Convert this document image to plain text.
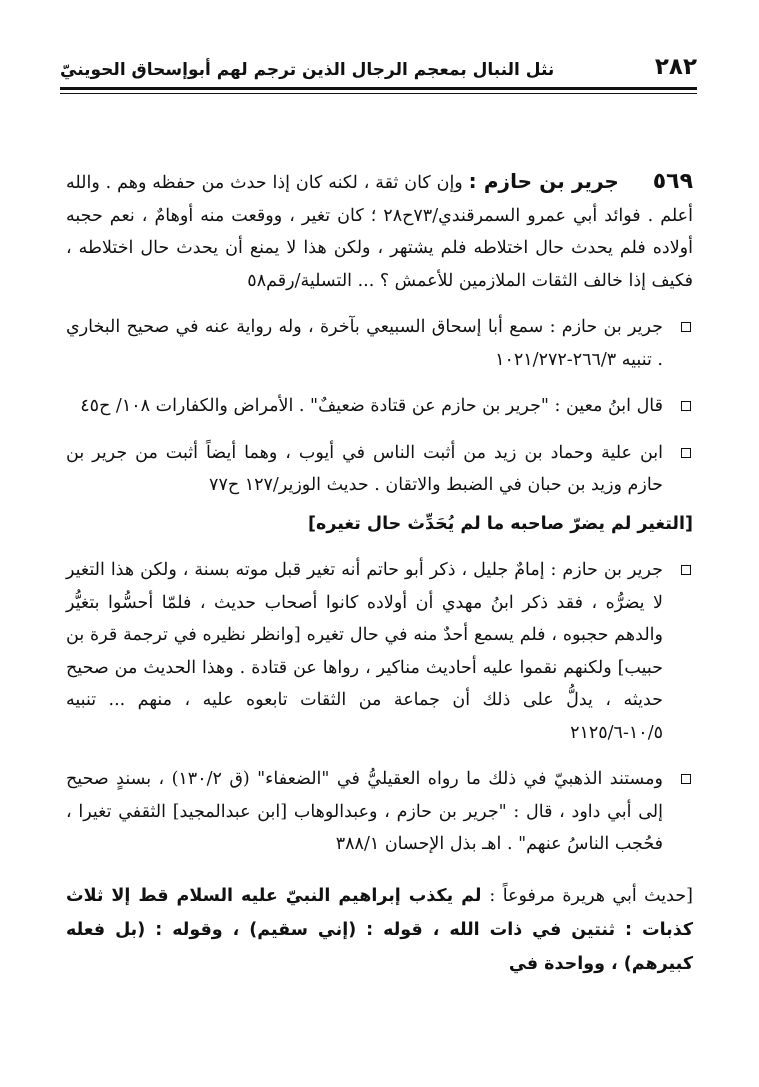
٢٨٢
نثل النبال بمعجم الرجال الذين ترجم لهم أبوإسحاق الحوينيّ

٥٦٩ جرير بن حازم : وإن كان ثقة ، لكنه كان إذا حدث من حفظه وهم . والله أعلم . فوائد أبي عمرو السمرقندي/٧٣ح٢٨ ؛ كان تغير ، ووقعت منه أوهامٌ ، نعم حجبه أولاده فلم يحدث حال اختلاطه فلم يشتهر ، ولكن هذا لا يمنع أن يحدث حال اختلاطه ، فكيف إذا خالف الثقات الملازمين للأعمش ؟ ... التسلية/رقم٥٨

جرير بن حازم : سمع أبا إسحاق السبيعي بآخرة ، وله رواية عنه في صحيح البخاري . تنبيه ٢٦٦/٣-١٠٢١/٢٧٢

قال ابنُ معين : "جرير بن حازم عن قتادة ضعيفٌ" . الأمراض والكفارات ١٠٨/ ح٤٥

ابن علية وحماد بن زيد من أثبت الناس في أيوب ، وهما أيضاً أثبت من جرير بن حازم وزيد بن حبان في الضبط والاتقان . حديث الوزير/١٢٧ ح٧٧

[التغير لم يضرّ صاحبه ما لم يُحَدِّث حال تغيره]

جرير بن حازم : إمامٌ جليل ، ذكر أبو حاتم أنه تغير قبل موته بسنة ، ولكن هذا التغير لا يضرُّه ، فقد ذكر ابنُ مهدي أن أولاده كانوا أصحاب حديث ، فلمّا أحسُّوا بتغيُّر والدهم حجبوه ، فلم يسمع أحدٌ منه في حال تغيره [وانظر نظيره في ترجمة قرة بن حبيب] ولكنهم نقموا عليه أحاديث مناكير ، رواها عن قتادة . وهذا الحديث من صحيح حديثه ، يدلُّ على ذلك أن جماعة من الثقات تابعوه عليه ، منهم ... تنبيه ١٠/٥-٢١٢٥/٦

ومستند الذهبيّ في ذلك ما رواه العقيليُّ في "الضعفاء" (ق ١٣٠/٢) ، بسندٍ صحيح إلى أبي داود ، قال : "جرير بن حازم ، وعبدالوهاب [ابن عبدالمجيد] الثقفي تغيرا ، فحُجب الناسُ عنهم" . اهـ بذل الإحسان ٣٨٨/١

[حديث أبي هريرة مرفوعاً : لم يكذب إبراهيم النبيّ عليه السلام قط إلا ثلاث كذبات : ثنتين في ذات الله ، قوله : (إني سقيم) ، وقوله : (بل فعله كبيرهم) ، وواحدة في
